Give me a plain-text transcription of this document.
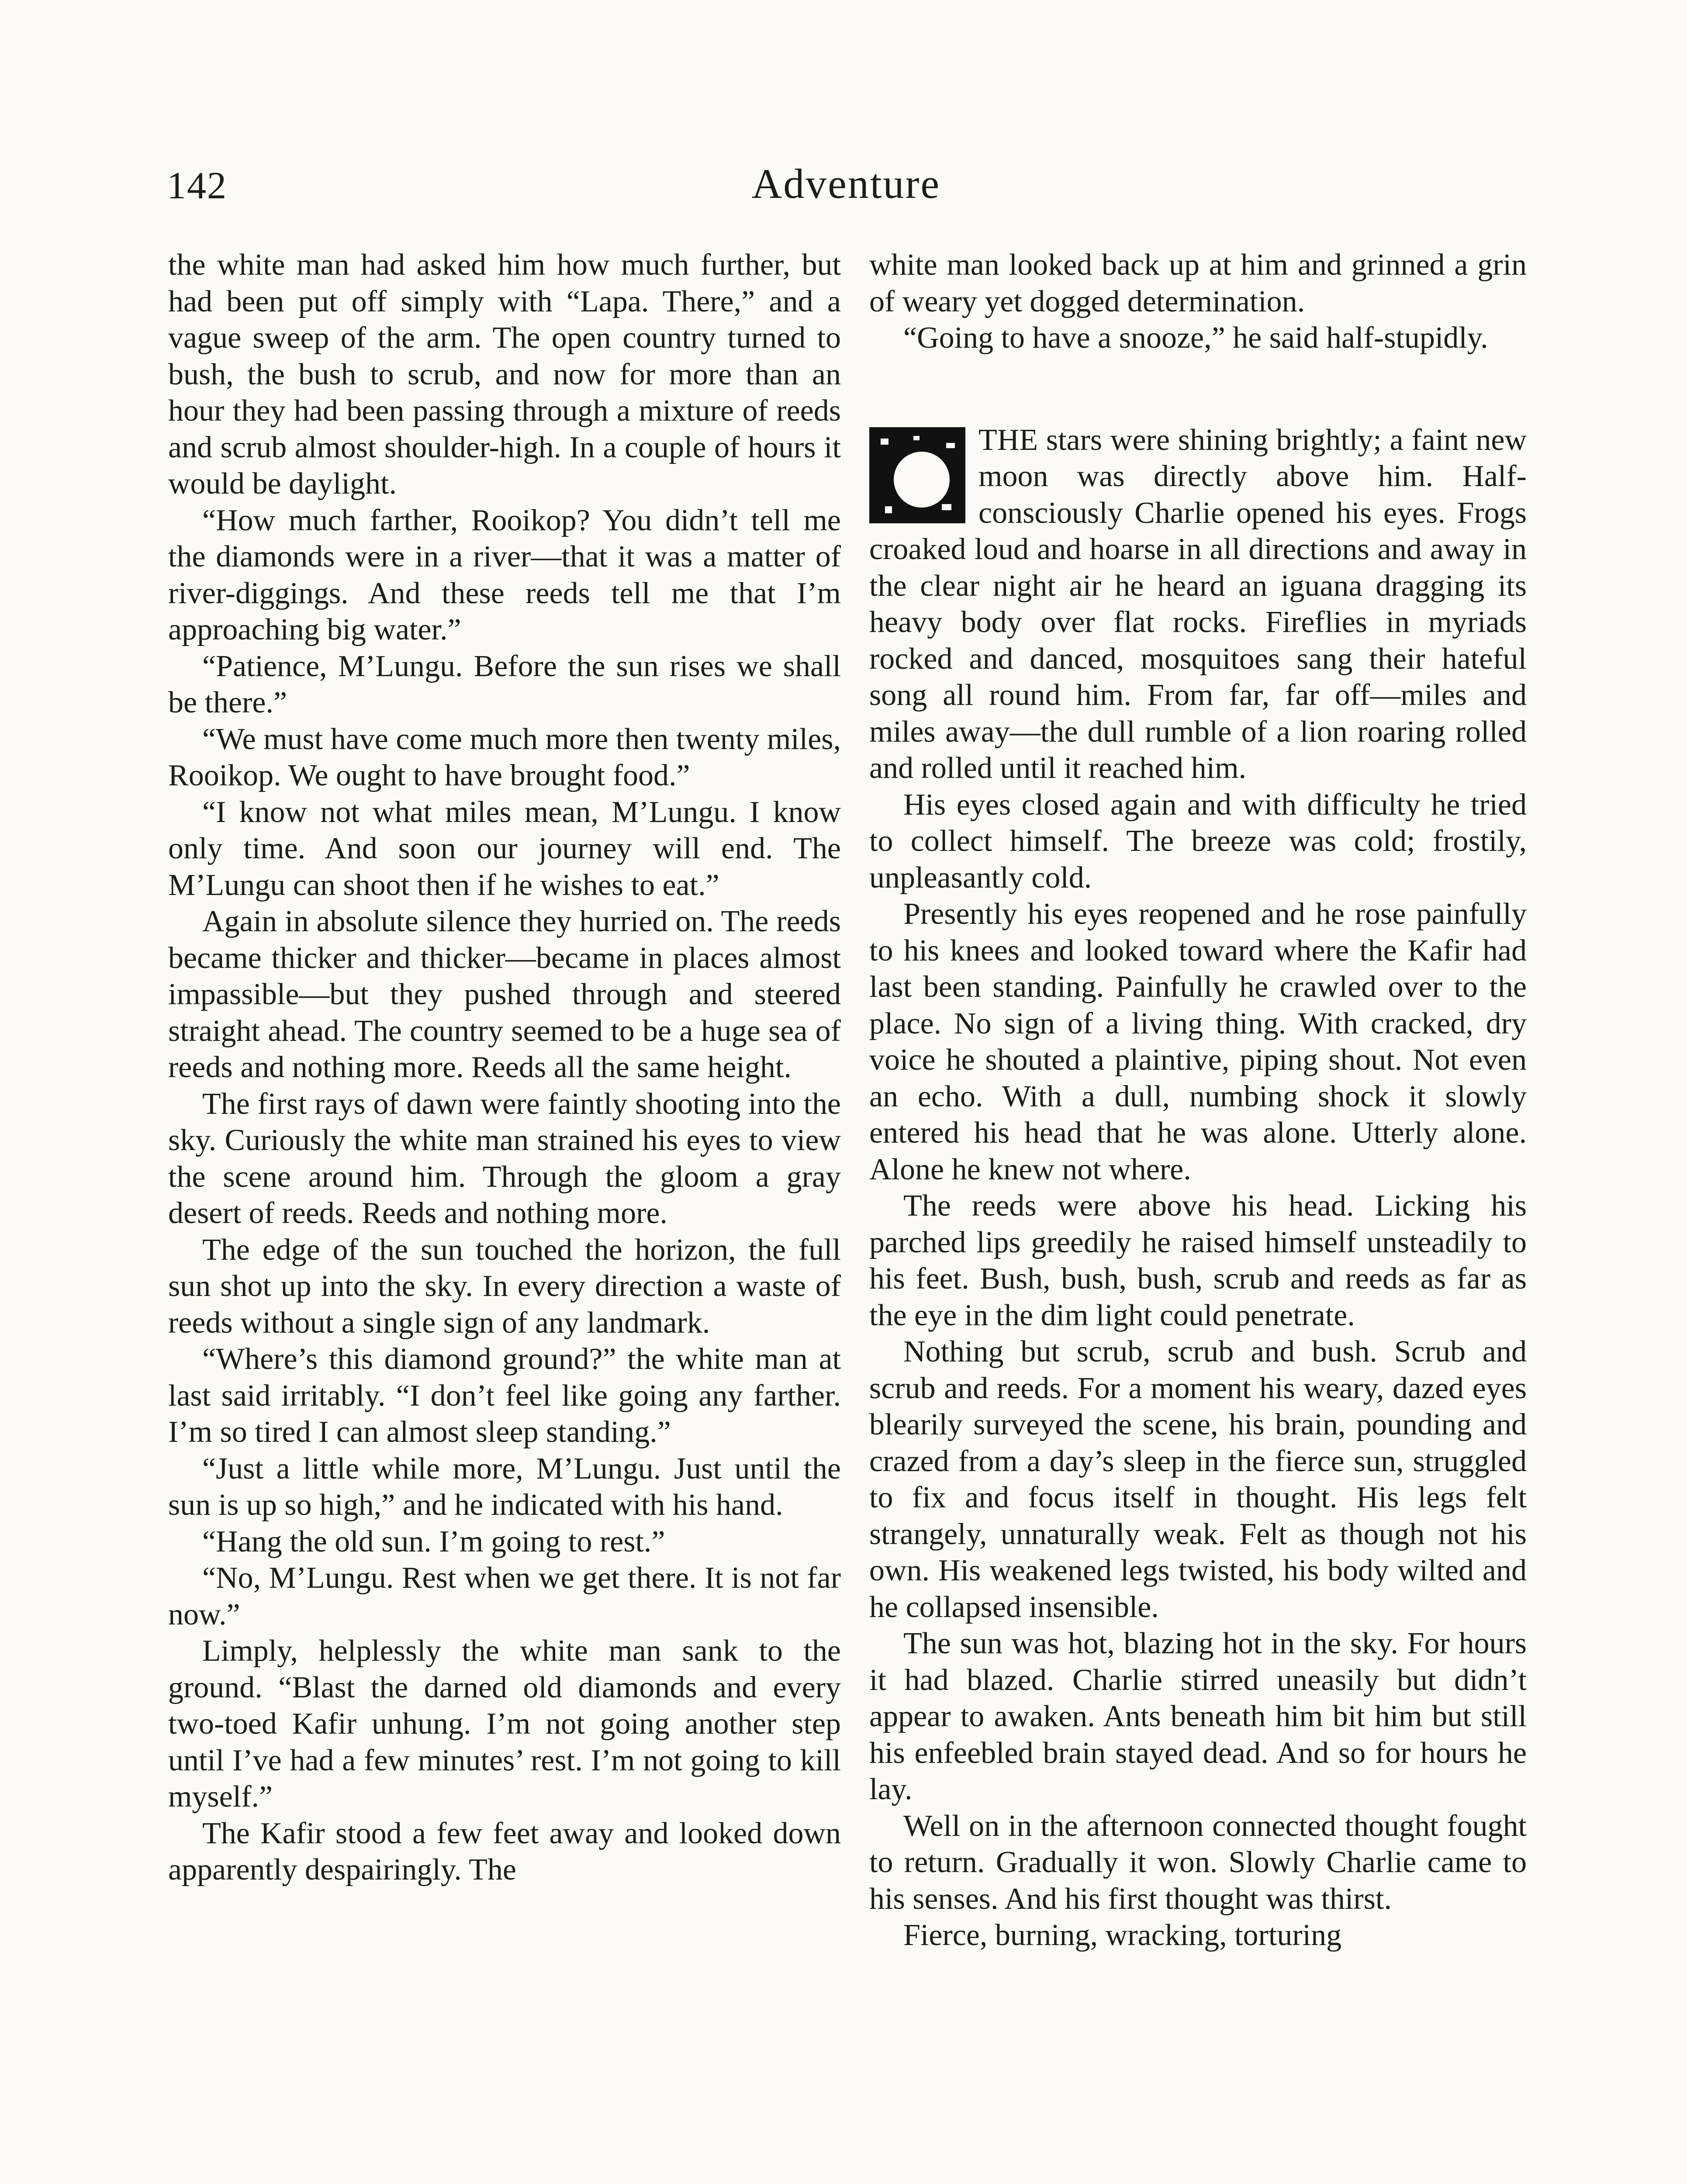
142	Adventure

the white man had asked him how much further, but had been put off simply with “Lapa. There,” and a vague sweep of the arm. The open country turned to bush, the bush to scrub, and now for more than an hour they had been passing through a mixture of reeds and scrub almost shoulder-high. In a couple of hours it would be daylight.

“How much farther, Rooikop? You didn’t tell me the diamonds were in a river—that it was a matter of river-diggings. And these reeds tell me that I’m approaching big water.”

“Patience, M’Lungu. Before the sun rises we shall be there.”

“We must have come much more then twenty miles, Rooikop. We ought to have brought food.”

“I know not what miles mean, M’Lungu. I know only time. And soon our journey will end. The M’Lungu can shoot then if he wishes to eat.”

Again in absolute silence they hurried on. The reeds became thicker and thicker—became in places almost impassible—but they pushed through and steered straight ahead. The country seemed to be a huge sea of reeds and nothing more. Reeds all the same height.

The first rays of dawn were faintly shooting into the sky. Curiously the white man strained his eyes to view the scene around him. Through the gloom a gray desert of reeds. Reeds and nothing more.

The edge of the sun touched the horizon, the full sun shot up into the sky. In every direction a waste of reeds without a single sign of any landmark.

“Where’s this diamond ground?” the white man at last said irritably. “I don’t feel like going any farther. I’m so tired I can almost sleep standing.”

“Just a little while more, M’Lungu. Just until the sun is up so high,” and he indicated with his hand.

“Hang the old sun. I’m going to rest.”

“No, M’Lungu. Rest when we get there. It is not far now.”

Limply, helplessly the white man sank to the ground. “Blast the darned old diamonds and every two-toed Kafir unhung. I’m not going another step until I’ve had a few minutes’ rest. I’m not going to kill myself.”

The Kafir stood a few feet away and looked down apparently despairingly. The

white man looked back up at him and grinned a grin of weary yet dogged determination.

“Going to have a snooze,” he said half-stupidly.

THE stars were shining brightly; a faint new moon was directly above him. Half-consciously Charlie opened his eyes. Frogs croaked loud and hoarse in all directions and away in the clear night air he heard an iguana dragging its heavy body over flat rocks. Fireflies in myriads rocked and danced, mosquitoes sang their hateful song all round him. From far, far off—miles and miles away—the dull rumble of a lion roaring rolled and rolled until it reached him.

His eyes closed again and with difficulty he tried to collect himself. The breeze was cold; frostily, unpleasantly cold.

Presently his eyes reopened and he rose painfully to his knees and looked toward where the Kafir had last been standing. Painfully he crawled over to the place. No sign of a living thing. With cracked, dry voice he shouted a plaintive, piping shout. Not even an echo. With a dull, numbing shock it slowly entered his head that he was alone. Utterly alone. Alone he knew not where.

The reeds were above his head. Licking his parched lips greedily he raised himself unsteadily to his feet. Bush, bush, bush, scrub and reeds as far as the eye in the dim light could penetrate.

Nothing but scrub, scrub and bush. Scrub and scrub and reeds. For a moment his weary, dazed eyes blearily surveyed the scene, his brain, pounding and crazed from a day’s sleep in the fierce sun, struggled to fix and focus itself in thought. His legs felt strangely, unnaturally weak. Felt as though not his own. His weakened legs twisted, his body wilted and he collapsed insensible.

The sun was hot, blazing hot in the sky. For hours it had blazed. Charlie stirred uneasily but didn’t appear to awaken. Ants beneath him bit him but still his enfeebled brain stayed dead. And so for hours he lay.

Well on in the afternoon connected thought fought to return. Gradually it won. Slowly Charlie came to his senses. And his first thought was thirst.

Fierce, burning, wracking, torturing
